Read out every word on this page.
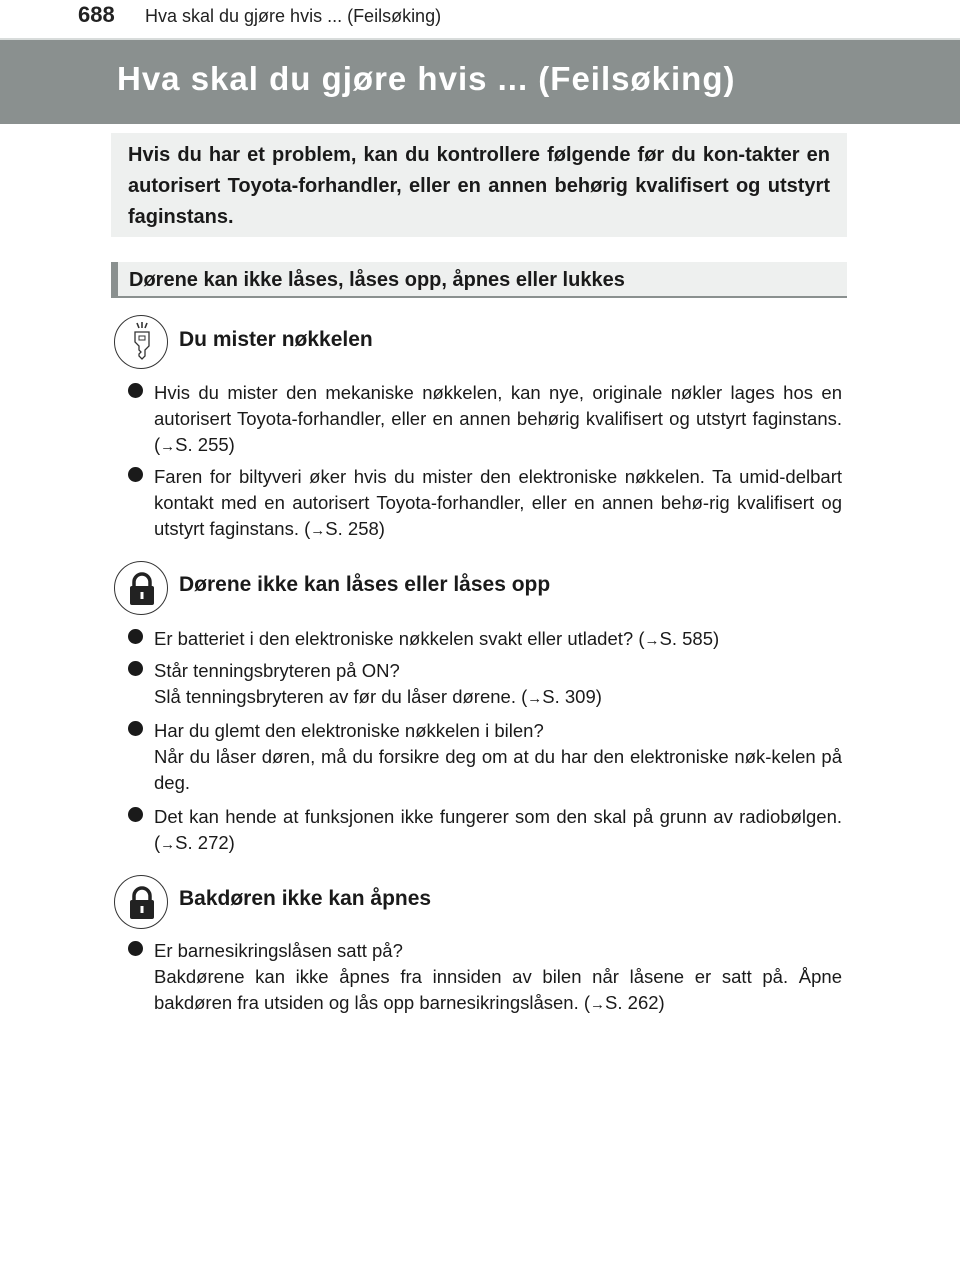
688 Hva skal du gjøre hvis ... (Feilsøking)
Hva skal du gjøre hvis ... (Feilsøking)

Hvis du har et problem, kan du kontrollere følgende før du kon-takter en autorisert Toyota-forhandler, eller en annen behørig kvalifisert og utstyrt faginstans.

Dørene kan ikke låses, låses opp, åpnes eller lukkes
Du mister nøkkelen

Hvis du mister den mekaniske nøkkelen, kan nye, originale nøkler lages hos en autorisert Toyota-forhandler, eller en annen behørig kvalifisert og utstyrt faginstans. (→S. 255)

Faren for biltyveri øker hvis du mister den elektroniske nøkkelen. Ta umid-delbart kontakt med en autorisert Toyota-forhandler, eller en annen behø-rig kvalifisert og utstyrt faginstans. (→S. 258)

Dørene ikke kan låses eller låses opp

Er batteriet i den elektroniske nøkkelen svakt eller utladet? (→S. 585)

Står tenningsbryteren på ON?
Slå tenningsbryteren av før du låser dørene. (→S. 309)

Har du glemt den elektroniske nøkkelen i bilen?
Når du låser døren, må du forsikre deg om at du har den elektroniske nøk-kelen på deg.

Det kan hende at funksjonen ikke fungerer som den skal på grunn av radiobølgen. (→S. 272)

Bakdøren ikke kan åpnes

Er barnesikringslåsen satt på?
Bakdørene kan ikke åpnes fra innsiden av bilen når låsene er satt på. Åpne bakdøren fra utsiden og lås opp barnesikringslåsen. (→S. 262)
